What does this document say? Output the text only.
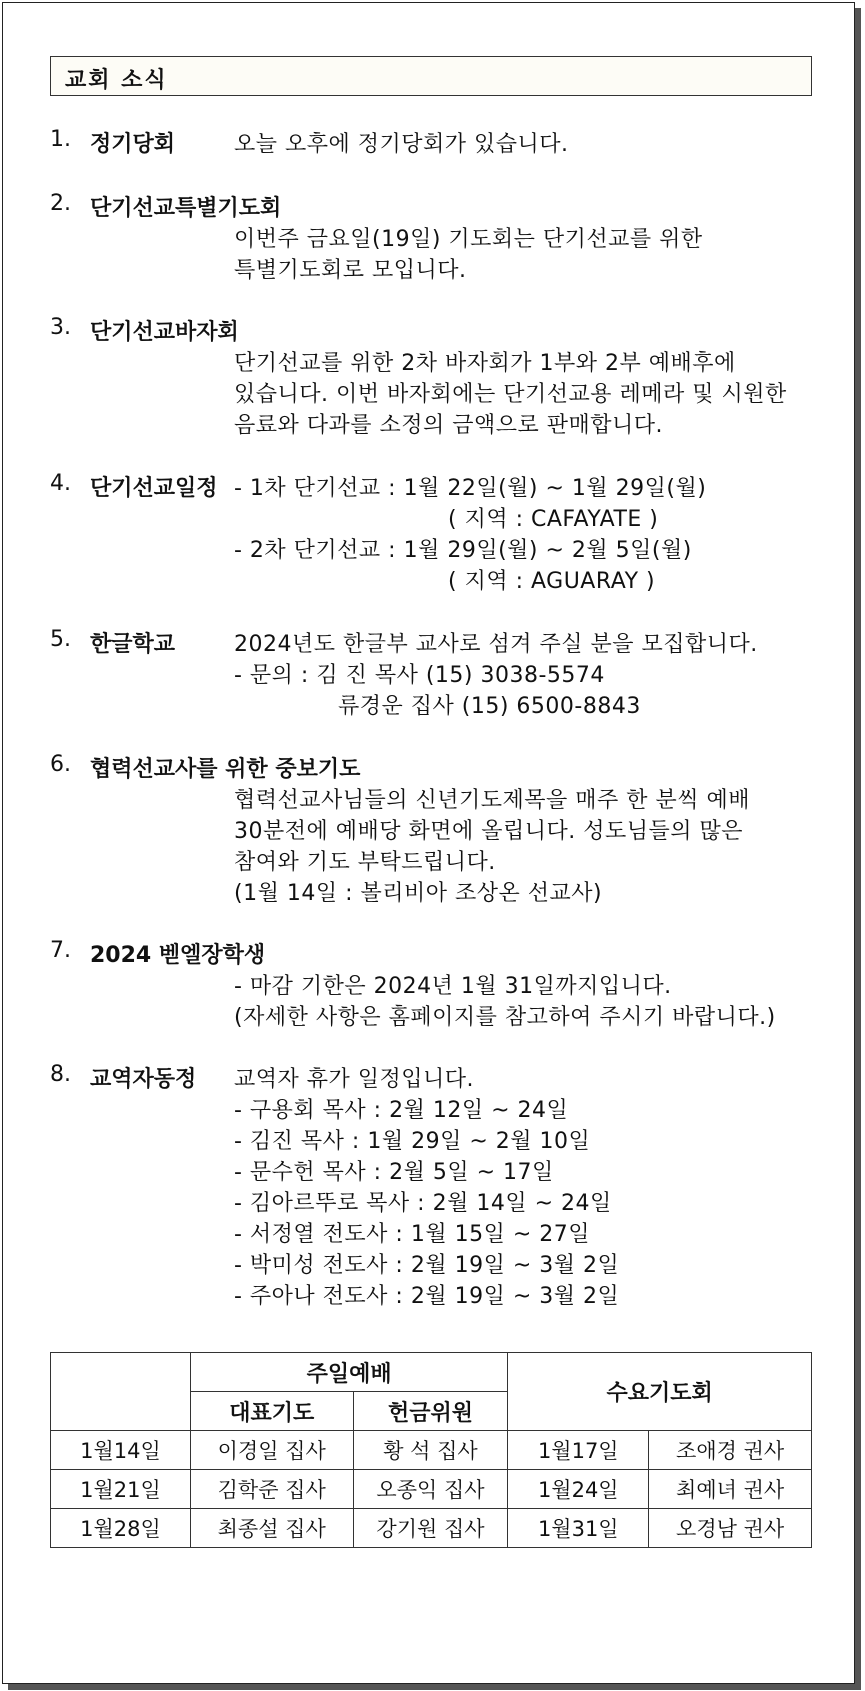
교회 소식
1. 정기당회	오늘 오후에 정기당회가 있습니다.
2. 단기선교특별기도회
이번주 금요일(19일) 기도회는 단기선교를 위한
특별기도회로 모입니다.
3. 단기선교바자회
단기선교를 위한 2차 바자회가 1부와 2부 예배후에
있습니다. 이번 바자회에는 단기선교용 레메라 및 시원한
음료와 다과를 소정의 금액으로 판매합니다.
4. 단기선교일정 - 1차 단기선교 : 1월 22일(월) ~ 1월 29일(월)
( 지역 : CAFAYATE )
- 2차 단기선교 : 1월 29일(월) ~ 2월 5일(월)
( 지역 : AGUARAY )
5. 한글학교	2024년도 한글부 교사로 섬겨 주실 분을 모집합니다.
- 문의 : 김 진 목사 (15) 3038-5574
류경운 집사 (15) 6500-8843
6. 협력선교사를 위한 중보기도
협력선교사님들의 신년기도제목을 매주 한 분씩 예배
30분전에 예배당 화면에 올립니다. 성도님들의 많은
참여와 기도 부탁드립니다.
(1월 14일 : 볼리비아 조상온 선교사)
7. 2024 벧엘장학생
- 마감 기한은 2024년 1월 31일까지입니다.
(자세한 사항은 홈페이지를 참고하여 주시기 바랍니다.)
8. 교역자동정 교역자 휴가 일정입니다.
- 구용회 목사 : 2월 12일 ~ 24일
- 김진 목사 : 1월 29일 ~ 2월 10일
- 문수헌 목사 : 2월 5일 ~ 17일
- 김아르뚜로 목사 : 2월 14일 ~ 24일
- 서정열 전도사 : 1월 15일 ~ 27일
- 박미성 전도사 : 2월 19일 ~ 3월 2일
- 주아나 전도사 : 2월 19일 ~ 3월 2일
	주일예배		수요기도회	
	대표기도	헌금위원		
1월14일	이경일 집사	황 석 집사	1월17일	조애경 권사
1월21일	김학준 집사	오종익 집사	1월24일	최예녀 권사
1월28일	최종설 집사	강기원 집사	1월31일	오경남 권사
